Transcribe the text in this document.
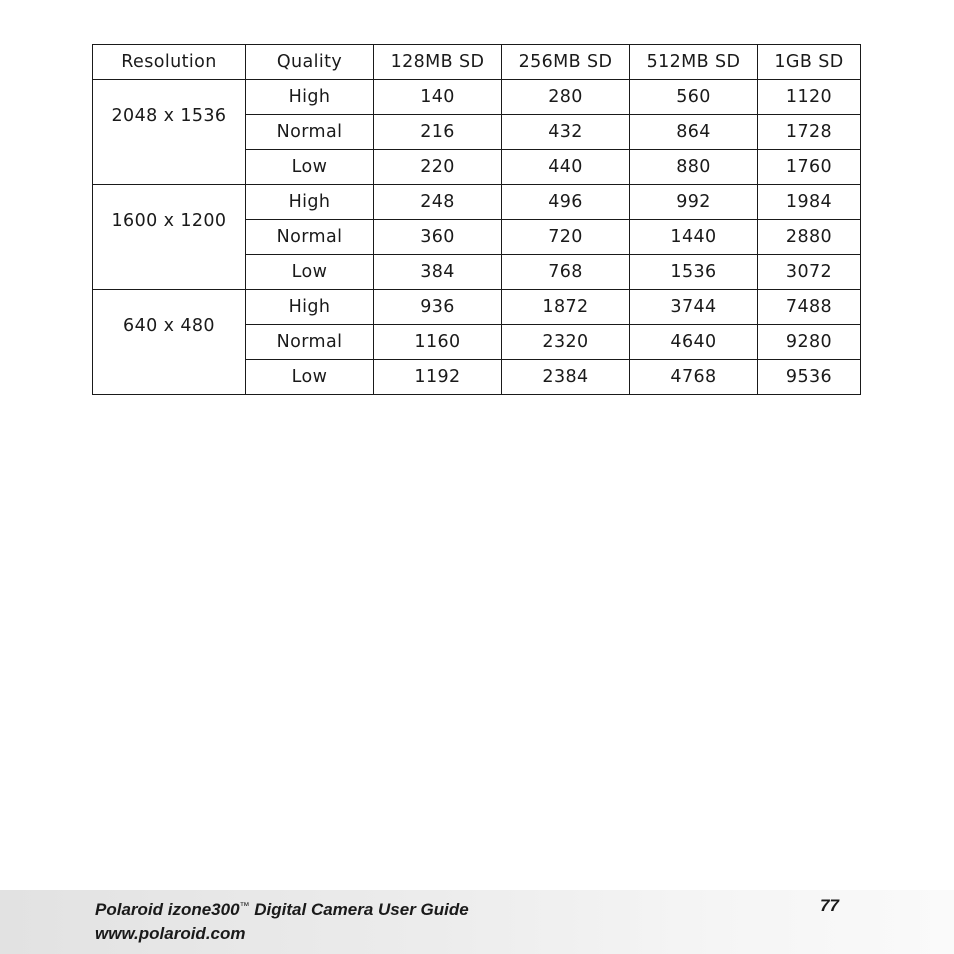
Resolution	Quality	128MB SD	256MB SD	512MB SD	1GB SD
2048 x 1536	High	140	280	560	1120
	Normal	216	432	864	1728
	Low	220	440	880	1760
1600 x 1200	High	248	496	992	1984
	Normal	360	720	1440	2880
	Low	384	768	1536	3072
640 x 480	High	936	1872	3744	7488
	Normal	1160	2320	4640	9280
	Low	1192	2384	4768	9536
Polaroid izone300™ Digital Camera User Guide
www.polaroid.com
77
